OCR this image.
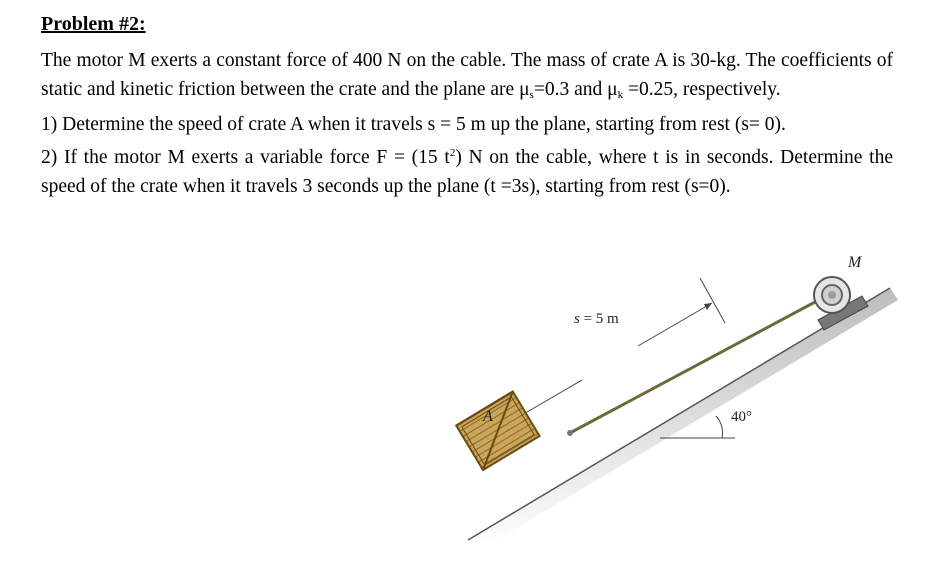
Problem #2:

The motor M exerts a constant force of 400 N on the cable. The mass of crate A is 30-kg. The coefficients of static and kinetic friction between the crate and the plane are $\mu_s=0.3$ and $\mu_k =0.25$, respectively.

1) Determine the speed of crate A when it travels s = 5 m up the plane, starting from rest (s= 0).

2) If the motor M exerts a variable force F = (15 $t^2$) N on the cable, where t is in seconds. Determine the speed of the crate when it travels 3 seconds up the plane (t =3s), starting from rest (s=0).

M
A
s = 5 m
40°
